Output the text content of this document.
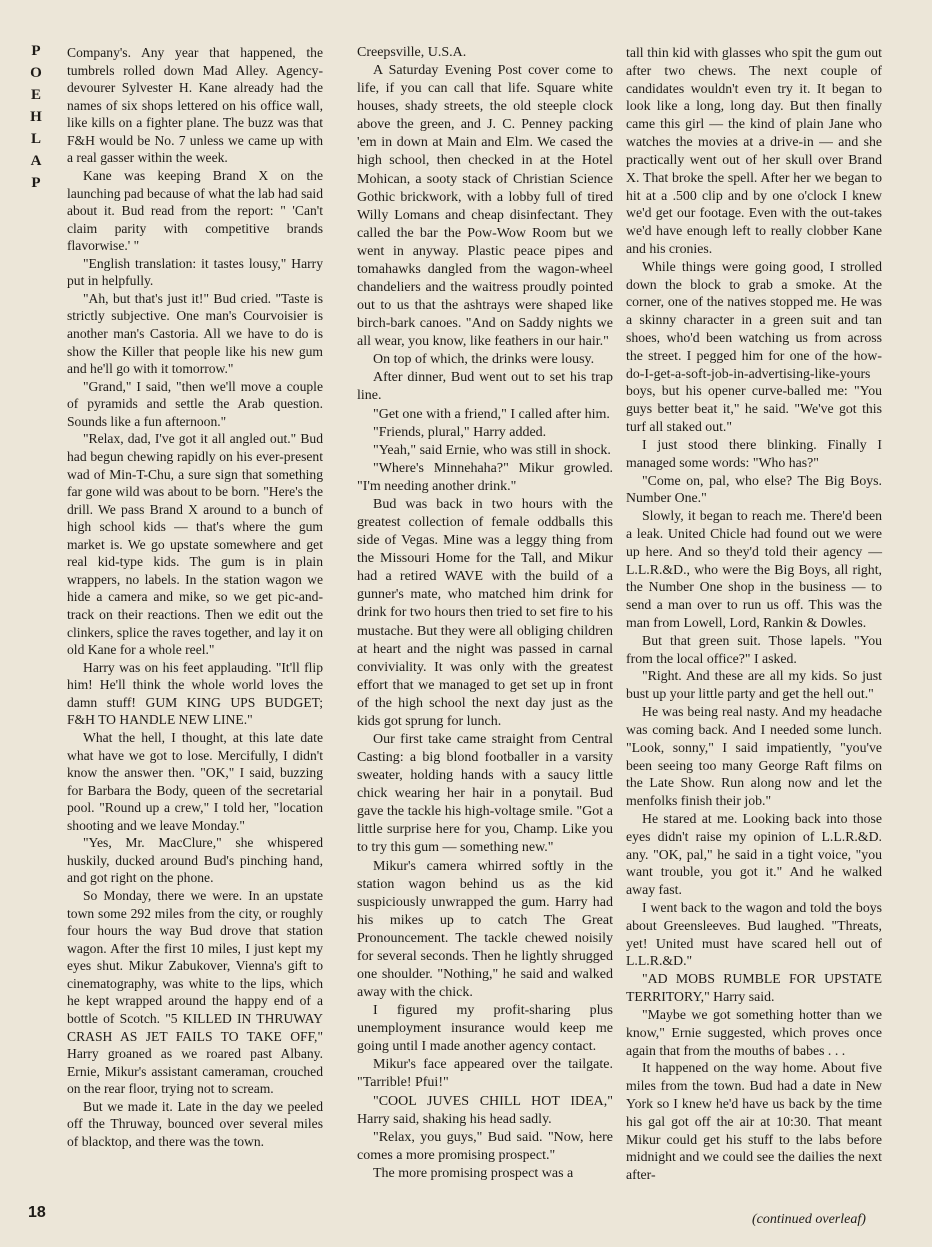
P
O
E
H
L
A
P

Company's. Any year that happened, the tumbrels rolled down Mad Alley. Agency-devourer Sylvester H. Kane already had the names of six shops lettered on his office wall, like kills on a fighter plane. The buzz was that F&H would be No. 7 unless we came up with a real gasser within the week.

Kane was keeping Brand X on the launching pad because of what the lab had said about it. Bud read from the report: " 'Can't claim parity with competitive brands flavorwise.' "

"English translation: it tastes lousy," Harry put in helpfully.

"Ah, but that's just it!" Bud cried. "Taste is strictly subjective. One man's Courvoisier is another man's Castoria. All we have to do is show the Killer that people like his new gum and he'll go with it tomorrow."

"Grand," I said, "then we'll move a couple of pyramids and settle the Arab question. Sounds like a fun afternoon."

"Relax, dad, I've got it all angled out." Bud had begun chewing rapidly on his ever-present wad of Min-T-Chu, a sure sign that something far gone wild was about to be born. "Here's the drill. We pass Brand X around to a bunch of high school kids — that's where the gum market is. We go upstate somewhere and get real kid-type kids. The gum is in plain wrappers, no labels. In the station wagon we hide a camera and mike, so we get pic-and-track on their reactions. Then we edit out the clinkers, splice the raves together, and lay it on old Kane for a whole reel."

Harry was on his feet applauding. "It'll flip him! He'll think the whole world loves the damn stuff! GUM KING UPS BUDGET; F&H TO HANDLE NEW LINE."

What the hell, I thought, at this late date what have we got to lose. Mercifully, I didn't know the answer then. "OK," I said, buzzing for Barbara the Body, queen of the secretarial pool. "Round up a crew," I told her, "location shooting and we leave Monday."

"Yes, Mr. MacClure," she whispered huskily, ducked around Bud's pinching hand, and got right on the phone.

So Monday, there we were. In an upstate town some 292 miles from the city, or roughly four hours the way Bud drove that station wagon. After the first 10 miles, I just kept my eyes shut. Mikur Zabukover, Vienna's gift to cinematography, was white to the lips, which he kept wrapped around the happy end of a bottle of Scotch. "5 KILLED IN THRUWAY CRASH AS JET FAILS TO TAKE OFF," Harry groaned as we roared past Albany. Ernie, Mikur's assistant cameraman, crouched on the rear floor, trying not to scream.

But we made it. Late in the day we peeled off the Thruway, bounced over several miles of blacktop, and there was the town.

Creepsville, U.S.A.

A Saturday Evening Post cover come to life, if you can call that life. Square white houses, shady streets, the old steeple clock above the green, and J. C. Penney packing 'em in down at Main and Elm. We cased the high school, then checked in at the Hotel Mohican, a sooty stack of Christian Science Gothic brickwork, with a lobby full of tired Willy Lomans and cheap disinfectant. They called the bar the Pow-Wow Room but we went in anyway. Plastic peace pipes and tomahawks dangled from the wagon-wheel chandeliers and the waitress proudly pointed out to us that the ashtrays were shaped like birch-bark canoes. "And on Saddy nights we all wear, you know, like feathers in our hair."

On top of which, the drinks were lousy.

After dinner, Bud went out to set his trap line.

"Get one with a friend," I called after him.

"Friends, plural," Harry added.

"Yeah," said Ernie, who was still in shock.

"Where's Minnehaha?" Mikur growled. "I'm needing another drink."

Bud was back in two hours with the greatest collection of female oddballs this side of Vegas. Mine was a leggy thing from the Missouri Home for the Tall, and Mikur had a retired WAVE with the build of a gunner's mate, who matched him drink for drink for two hours then tried to set fire to his mustache. But they were all obliging children at heart and the night was passed in carnal conviviality. It was only with the greatest effort that we managed to get set up in front of the high school the next day just as the kids got sprung for lunch.

Our first take came straight from Central Casting: a big blond footballer in a varsity sweater, holding hands with a saucy little chick wearing her hair in a ponytail. Bud gave the tackle his high-voltage smile. "Got a little surprise here for you, Champ. Like you to try this gum — something new."

Mikur's camera whirred softly in the station wagon behind us as the kid suspiciously unwrapped the gum. Harry had his mikes up to catch The Great Pronouncement. The tackle chewed noisily for several seconds. Then he lightly shrugged one shoulder. "Nothing," he said and walked away with the chick.

I figured my profit-sharing plus unemployment insurance would keep me going until I made another agency contact.

Mikur's face appeared over the tailgate. "Tarrible! Pfui!"

"COOL JUVES CHILL HOT IDEA," Harry said, shaking his head sadly.

"Relax, you guys," Bud said. "Now, here comes a more promising prospect."

The more promising prospect was a

tall thin kid with glasses who spit the gum out after two chews. The next couple of candidates wouldn't even try it. It began to look like a long, long day. But then finally came this girl — the kind of plain Jane who watches the movies at a drive-in — and she practically went out of her skull over Brand X. That broke the spell. After her we began to hit at a .500 clip and by one o'clock I knew we'd get our footage. Even with the out-takes we'd have enough left to really clobber Kane and his cronies.

While things were going good, I strolled down the block to grab a smoke. At the corner, one of the natives stopped me. He was a skinny character in a green suit and tan shoes, who'd been watching us from across the street. I pegged him for one of the how-do-I-get-a-soft-job-in-advertising-like-yours boys, but his opener curve-balled me: "You guys better beat it," he said. "We've got this turf all staked out."

I just stood there blinking. Finally I managed some words: "Who has?"

"Come on, pal, who else? The Big Boys. Number One."

Slowly, it began to reach me. There'd been a leak. United Chicle had found out we were up here. And so they'd told their agency — L.L.R.&D., who were the Big Boys, all right, the Number One shop in the business — to send a man over to run us off. This was the man from Lowell, Lord, Rankin & Dowles.

But that green suit. Those lapels. "You from the local office?" I asked.

"Right. And these are all my kids. So just bust up your little party and get the hell out."

He was being real nasty. And my headache was coming back. And I needed some lunch. "Look, sonny," I said impatiently, "you've been seeing too many George Raft films on the Late Show. Run along now and let the menfolks finish their job."

He stared at me. Looking back into those eyes didn't raise my opinion of L.L.R.&D. any. "OK, pal," he said in a tight voice, "you want trouble, you got it." And he walked away fast.

I went back to the wagon and told the boys about Greensleeves. Bud laughed. "Threats, yet! United must have scared hell out of L.L.R.&D."

"AD MOBS RUMBLE FOR UPSTATE TERRITORY," Harry said.

"Maybe we got something hotter than we know," Ernie suggested, which proves once again that from the mouths of babes . . .

It happened on the way home. About five miles from the town. Bud had a date in New York so I knew he'd have us back by the time his gal got off the air at 10:30. That meant Mikur could get his stuff to the labs before midnight and we could see the dailies the next after-

18	(continued overleaf)
